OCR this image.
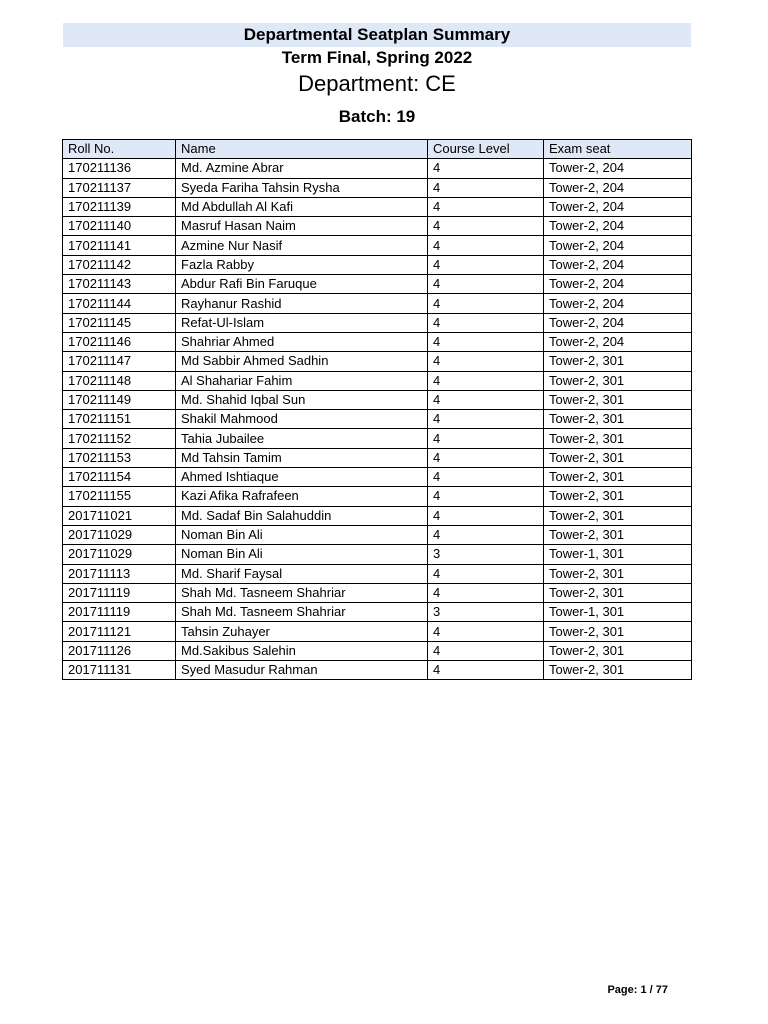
Departmental Seatplan Summary
Term Final, Spring 2022
Department: CE
Batch: 19
Roll No.	Name	Course Level	Exam seat
170211136	Md. Azmine Abrar	4	Tower-2, 204
170211137	Syeda Fariha Tahsin Rysha	4	Tower-2, 204
170211139	Md Abdullah Al Kafi	4	Tower-2, 204
170211140	Masruf Hasan Naim	4	Tower-2, 204
170211141	Azmine Nur Nasif	4	Tower-2, 204
170211142	Fazla Rabby	4	Tower-2, 204
170211143	Abdur Rafi Bin Faruque	4	Tower-2, 204
170211144	Rayhanur Rashid	4	Tower-2, 204
170211145	Refat-Ul-Islam	4	Tower-2, 204
170211146	Shahriar Ahmed	4	Tower-2, 204
170211147	Md Sabbir Ahmed Sadhin	4	Tower-2, 301
170211148	Al Shahariar Fahim	4	Tower-2, 301
170211149	Md. Shahid Iqbal Sun	4	Tower-2, 301
170211151	Shakil Mahmood	4	Tower-2, 301
170211152	Tahia Jubailee	4	Tower-2, 301
170211153	Md Tahsin Tamim	4	Tower-2, 301
170211154	Ahmed Ishtiaque	4	Tower-2, 301
170211155	Kazi Afika Rafrafeen	4	Tower-2, 301
201711021	Md. Sadaf Bin Salahuddin	4	Tower-2, 301
201711029	Noman Bin Ali	4	Tower-2, 301
201711029	Noman Bin Ali	3	Tower-1, 301
201711113	Md. Sharif Faysal	4	Tower-2, 301
201711119	Shah Md. Tasneem Shahriar	4	Tower-2, 301
201711119	Shah Md. Tasneem Shahriar	3	Tower-1, 301
201711121	Tahsin Zuhayer	4	Tower-2, 301
201711126	Md.Sakibus Salehin	4	Tower-2, 301
201711131	Syed Masudur Rahman	4	Tower-2, 301
Page: 1 / 77
